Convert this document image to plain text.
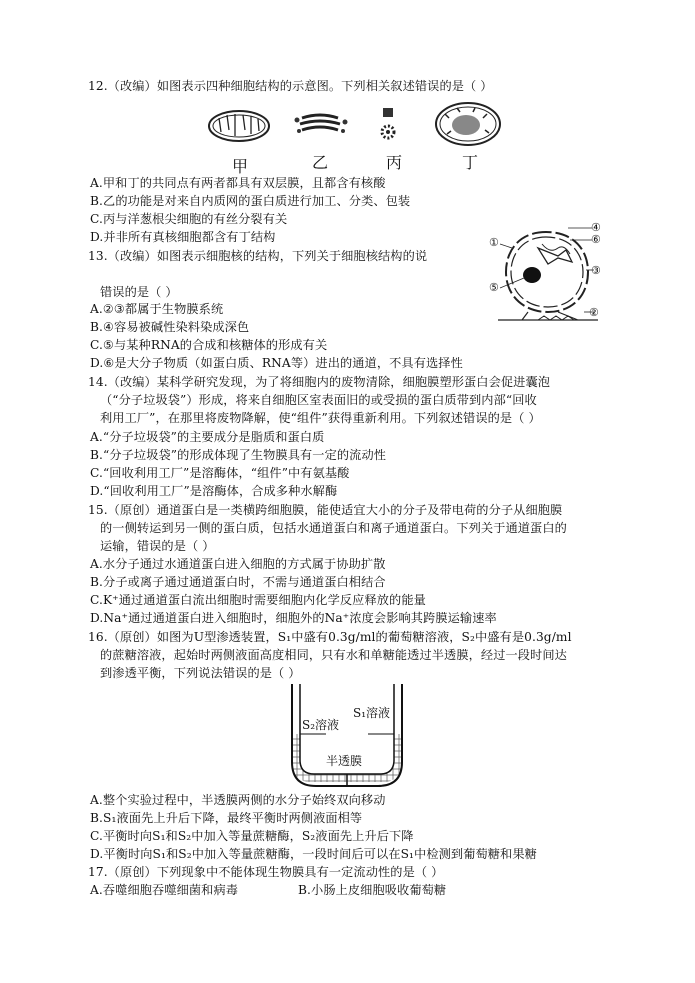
12.（改编）如图表示四种细胞结构的示意图。下列相关叙述错误的是（ ）
甲	乙	丙	丁
A.甲和丁的共同点有两者都具有双层膜，且都含有核酸
B.乙的功能是对来自内质网的蛋白质进行加工、分类、包装
C.丙与洋葱根尖细胞的有丝分裂有关
D.并非所有真核细胞都含有丁结构
13.（改编）如图表示细胞核的结构，下列关于细胞核结构的说
错误的是（ ）
①
②
③
④
⑤
⑥
A.②③都属于生物膜系统
B.④容易被碱性染料染成深色
C.⑤与某种RNA的合成和核糖体的形成有关
D.⑥是大分子物质（如蛋白质、RNA等）进出的通道，不具有选择性
14.（改编）某科学研究发现，为了将细胞内的废物清除，细胞膜塑形蛋白会促进囊泡
（“分子垃圾袋”）形成，将来自细胞区室表面旧的或受损的蛋白质带到内部“回收
利用工厂”，在那里将废物降解，使“组件”获得重新利用。下列叙述错误的是（ ）
A.“分子垃圾袋”的主要成分是脂质和蛋白质
B.“分子垃圾袋”的形成体现了生物膜具有一定的流动性
C.“回收利用工厂”是溶酶体，“组件”中有氨基酸
D.“回收利用工厂”是溶酶体，合成多种水解酶
15.（原创）通道蛋白是一类横跨细胞膜，能使适宜大小的分子及带电荷的分子从细胞膜
的一侧转运到另一侧的蛋白质，包括水通道蛋白和离子通道蛋白。下列关于通道蛋白的
运输，错误的是（ ）
A.水分子通过水通道蛋白进入细胞的方式属于协助扩散
B.分子或离子通过通道蛋白时，不需与通道蛋白相结合
C.K⁺通过通道蛋白流出细胞时需要细胞内化学反应释放的能量
D.Na⁺通过通道蛋白进入细胞时，细胞外的Na⁺浓度会影响其跨膜运输速率
16.（原创）如图为U型渗透装置，S₁中盛有0.3g/ml的葡萄糖溶液，S₂中盛有是0.3g/ml
的蔗糖溶液，起始时两侧液面高度相同，只有水和单糖能透过半透膜，经过一段时间达
到渗透平衡，下列说法错误的是（ ）
S₂溶液
S₁溶液
半透膜
A.整个实验过程中，半透膜两侧的水分子始终双向移动
B.S₁液面先上升后下降，最终平衡时两侧液面相等
C.平衡时向S₁和S₂中加入等量蔗糖酶，S₂液面先上升后下降
D.平衡时向S₁和S₂中加入等量蔗糖酶，一段时间后可以在S₁中检测到葡萄糖和果糖
17.（原创）下列现象中不能体现生物膜具有一定流动性的是（ ）
A.吞噬细胞吞噬细菌和病毒	B.小肠上皮细胞吸收葡萄糖
